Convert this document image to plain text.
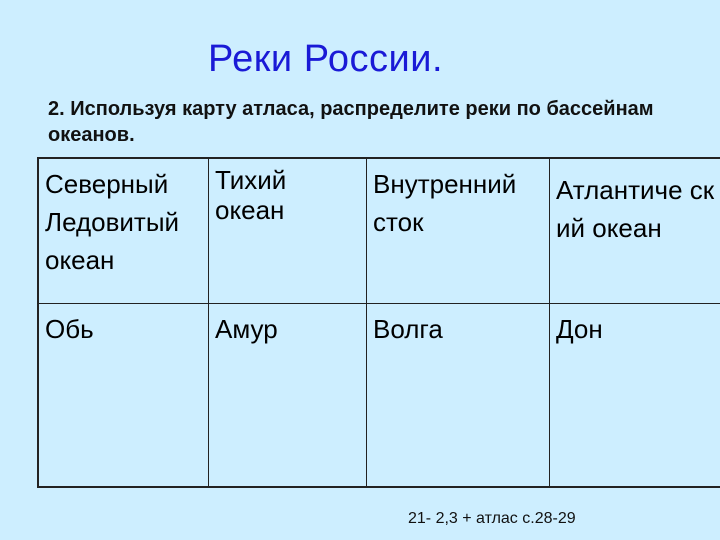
Реки России.
2. Используя карту атласа, распределите реки по бассейнам океанов.
Северный Ледовитый океан	Тихий океан	Внутренний сток	Атлантиче ский океан

Обь	Амур	Волга	Дон
21- 2,3 + атлас с.28-29
